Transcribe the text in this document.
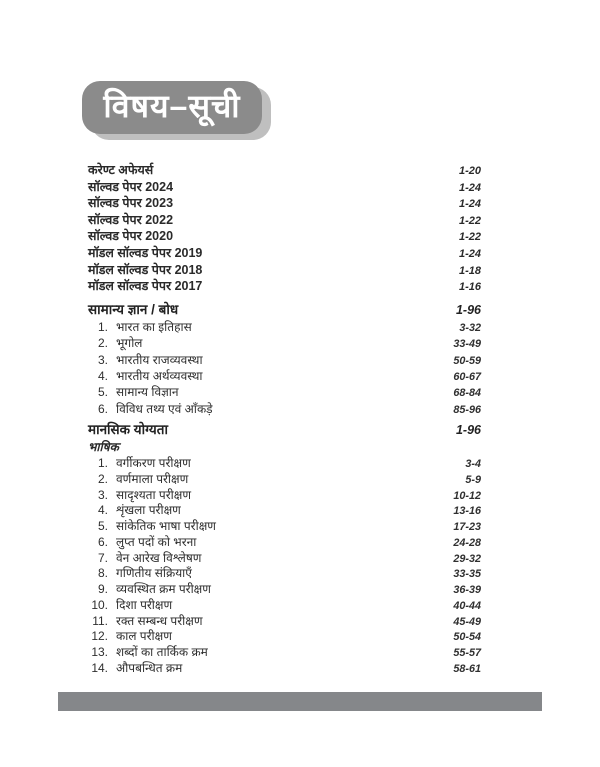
विषय–सूची
करेण्ट अफेयर्स	1-20
सॉल्वड पेपर 2024	1-24
सॉल्वड पेपर 2023	1-24
सॉल्वड पेपर 2022	1-22
सॉल्वड पेपर 2020	1-22
मॉडल सॉल्वड पेपर 2019	1-24
मॉडल सॉल्वड पेपर 2018	1-18
मॉडल सॉल्वड पेपर 2017	1-16
सामान्य ज्ञान / बोध	1-96
1. भारत का इतिहास	3-32
2. भूगोल	33-49
3. भारतीय राजव्यवस्था	50-59
4. भारतीय अर्थव्यवस्था	60-67
5. सामान्य विज्ञान	68-84
6. विविध तथ्य एवं आँकड़े	85-96
मानसिक योग्यता	1-96
भाषिक
1. वर्गीकरण परीक्षण	3-4
2. वर्णमाला परीक्षण	5-9
3. सादृश्यता परीक्षण	10-12
4. शृंखला परीक्षण	13-16
5. सांकेतिक भाषा परीक्षण	17-23
6. लुप्त पदों को भरना	24-28
7. वेन आरेख विश्लेषण	29-32
8. गणितीय संक्रियाएँ	33-35
9. व्यवस्थित क्रम परीक्षण	36-39
10. दिशा परीक्षण	40-44
11. रक्त सम्बन्ध परीक्षण	45-49
12. काल परीक्षण	50-54
13. शब्दों का तार्किक क्रम	55-57
14. औपबन्धित क्रम	58-61
